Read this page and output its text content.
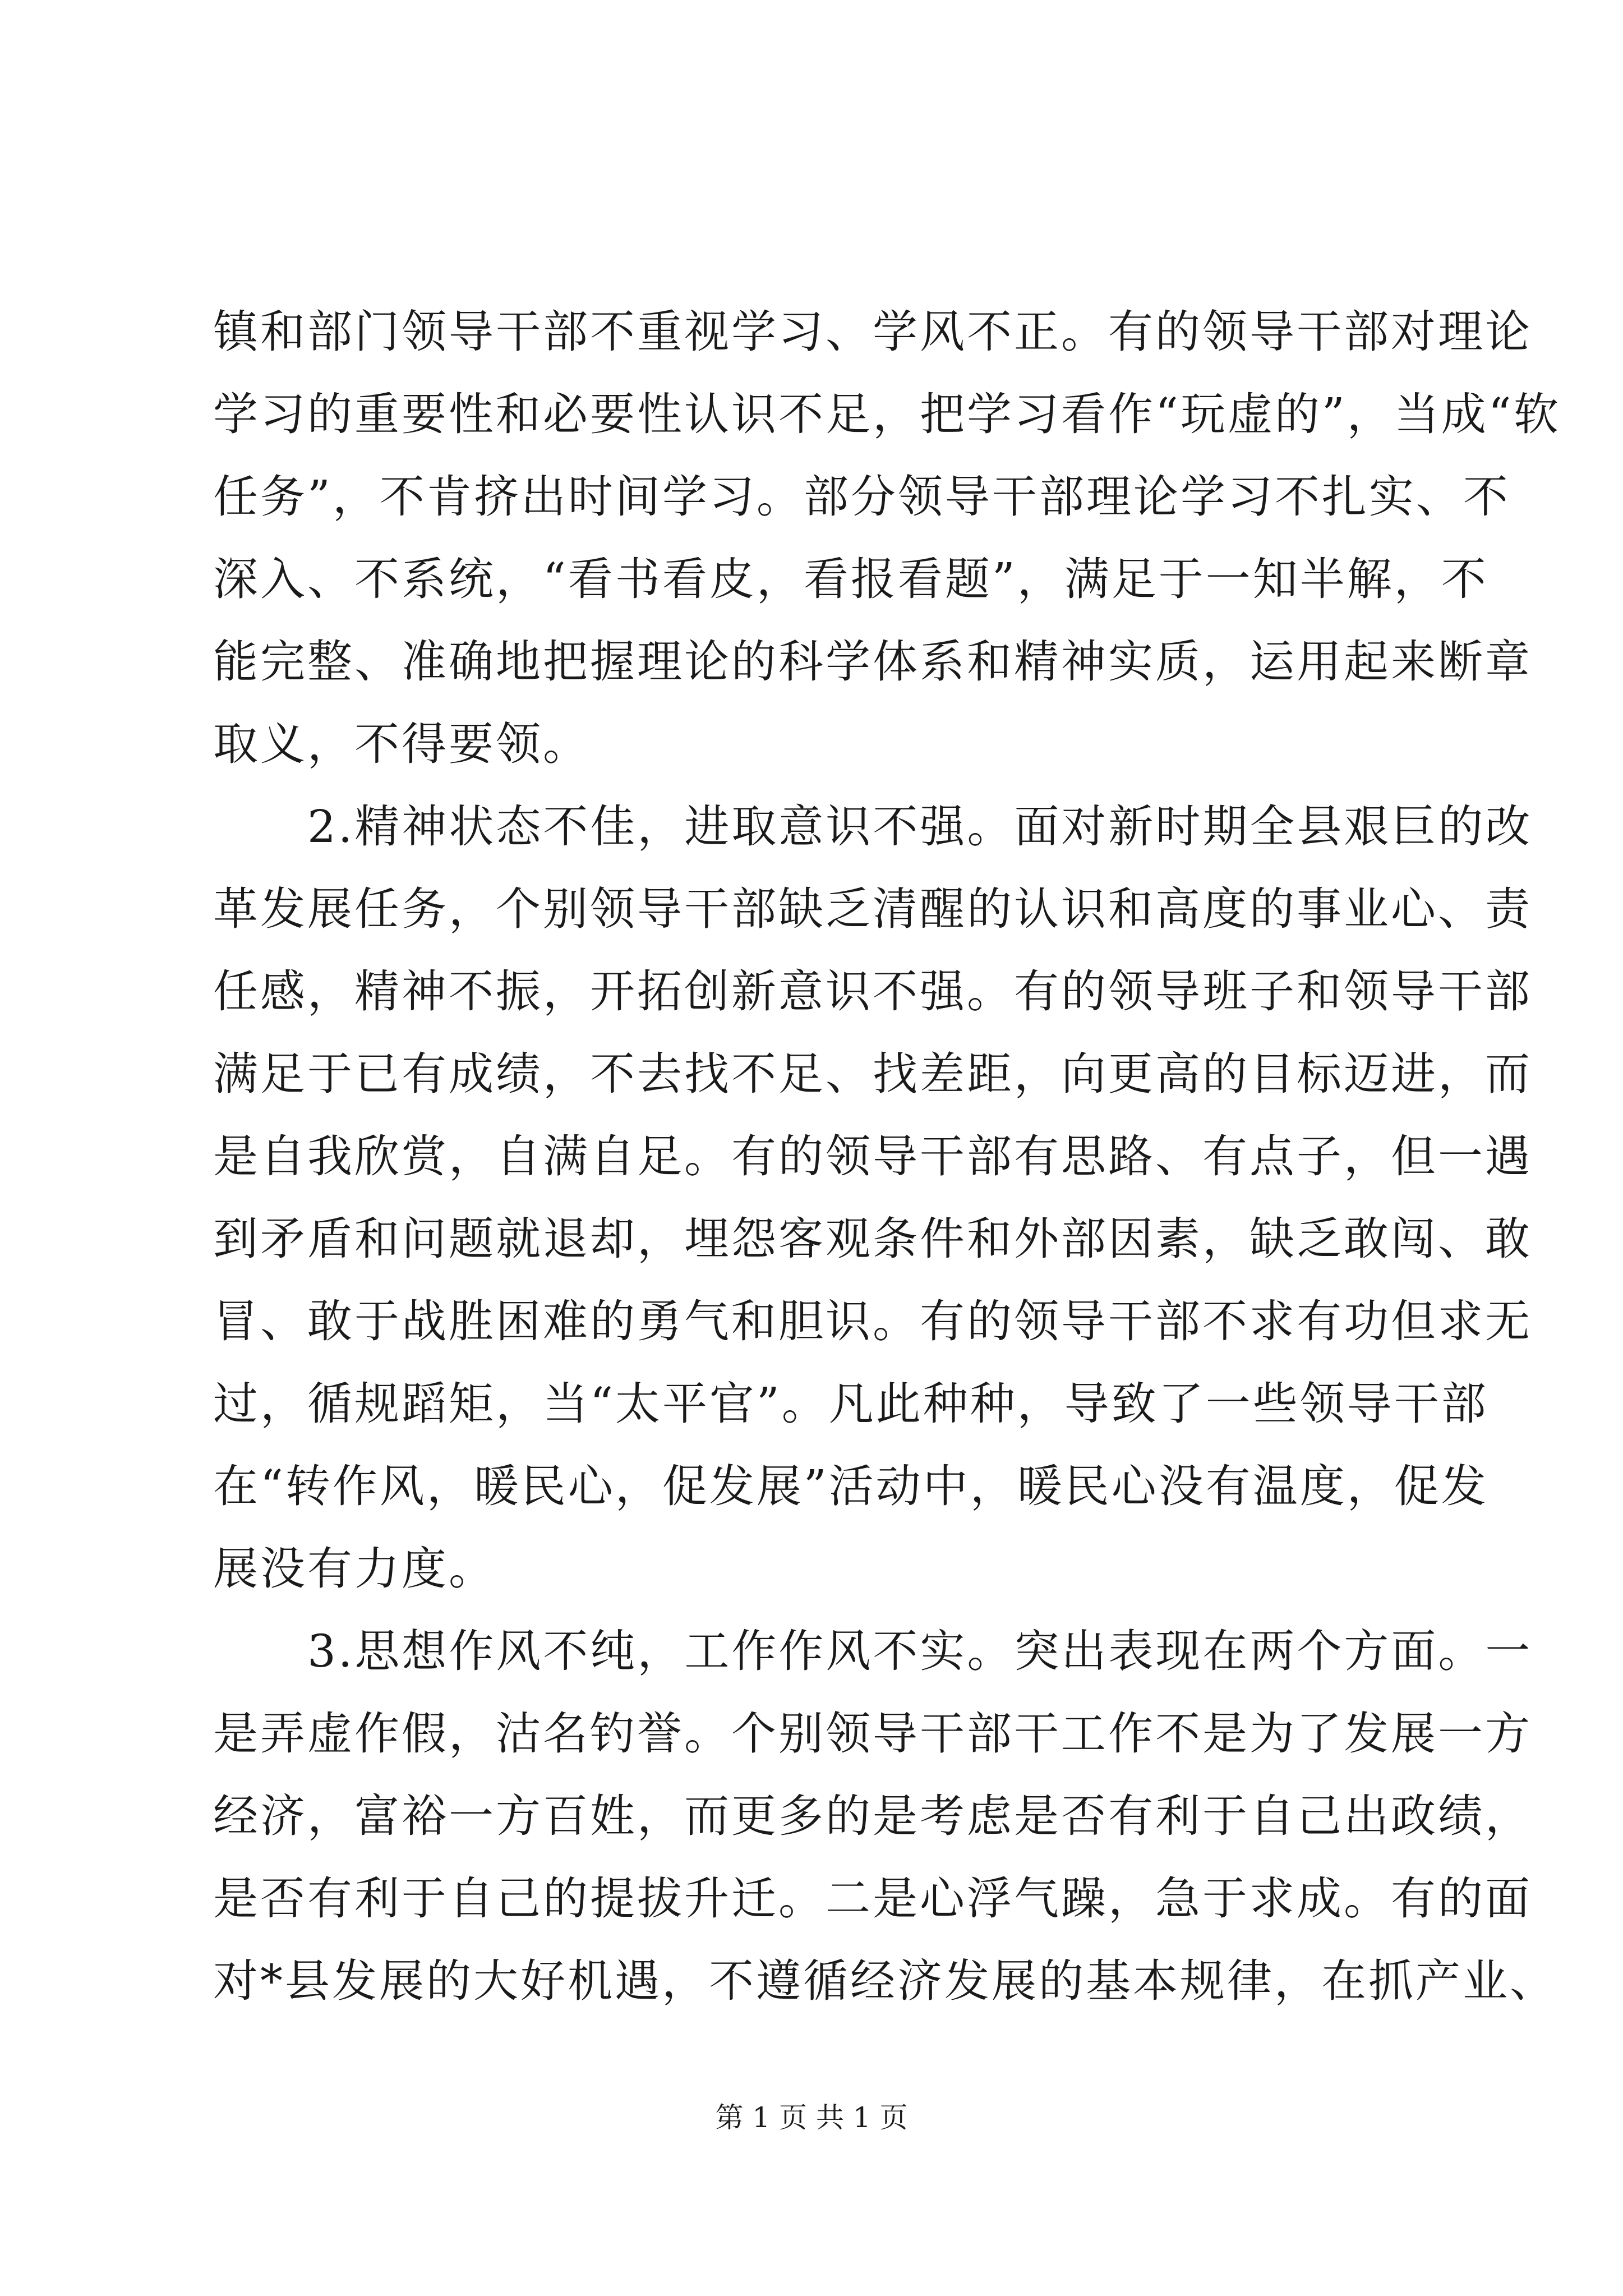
镇和部门领导干部不重视学习、学风不正。有的领导干部对理论
学习的重要性和必要性认识不足，把学习看作“玩虚的”，当成“软
任务”，不肯挤出时间学习。部分领导干部理论学习不扎实、不
深入、不系统，“看书看皮，看报看题”，满足于一知半解，不
能完整、准确地把握理论的科学体系和精神实质，运用起来断章
取义，不得要领。
　　2.精神状态不佳，进取意识不强。面对新时期全县艰巨的改
革发展任务，个别领导干部缺乏清醒的认识和高度的事业心、责
任感，精神不振，开拓创新意识不强。有的领导班子和领导干部
满足于已有成绩，不去找不足、找差距，向更高的目标迈进，而
是自我欣赏，自满自足。有的领导干部有思路、有点子，但一遇
到矛盾和问题就退却，埋怨客观条件和外部因素，缺乏敢闯、敢
冒、敢于战胜困难的勇气和胆识。有的领导干部不求有功但求无
过，循规蹈矩，当“太平官”。凡此种种，导致了一些领导干部
在“转作风，暖民心，促发展”活动中，暖民心没有温度，促发
展没有力度。
　　3.思想作风不纯，工作作风不实。突出表现在两个方面。一
是弄虚作假，沽名钓誉。个别领导干部干工作不是为了发展一方
经济，富裕一方百姓，而更多的是考虑是否有利于自己出政绩，
是否有利于自己的提拔升迁。二是心浮气躁，急于求成。有的面
对*县发展的大好机遇，不遵循经济发展的基本规律，在抓产业、
第 1 页 共 1 页
